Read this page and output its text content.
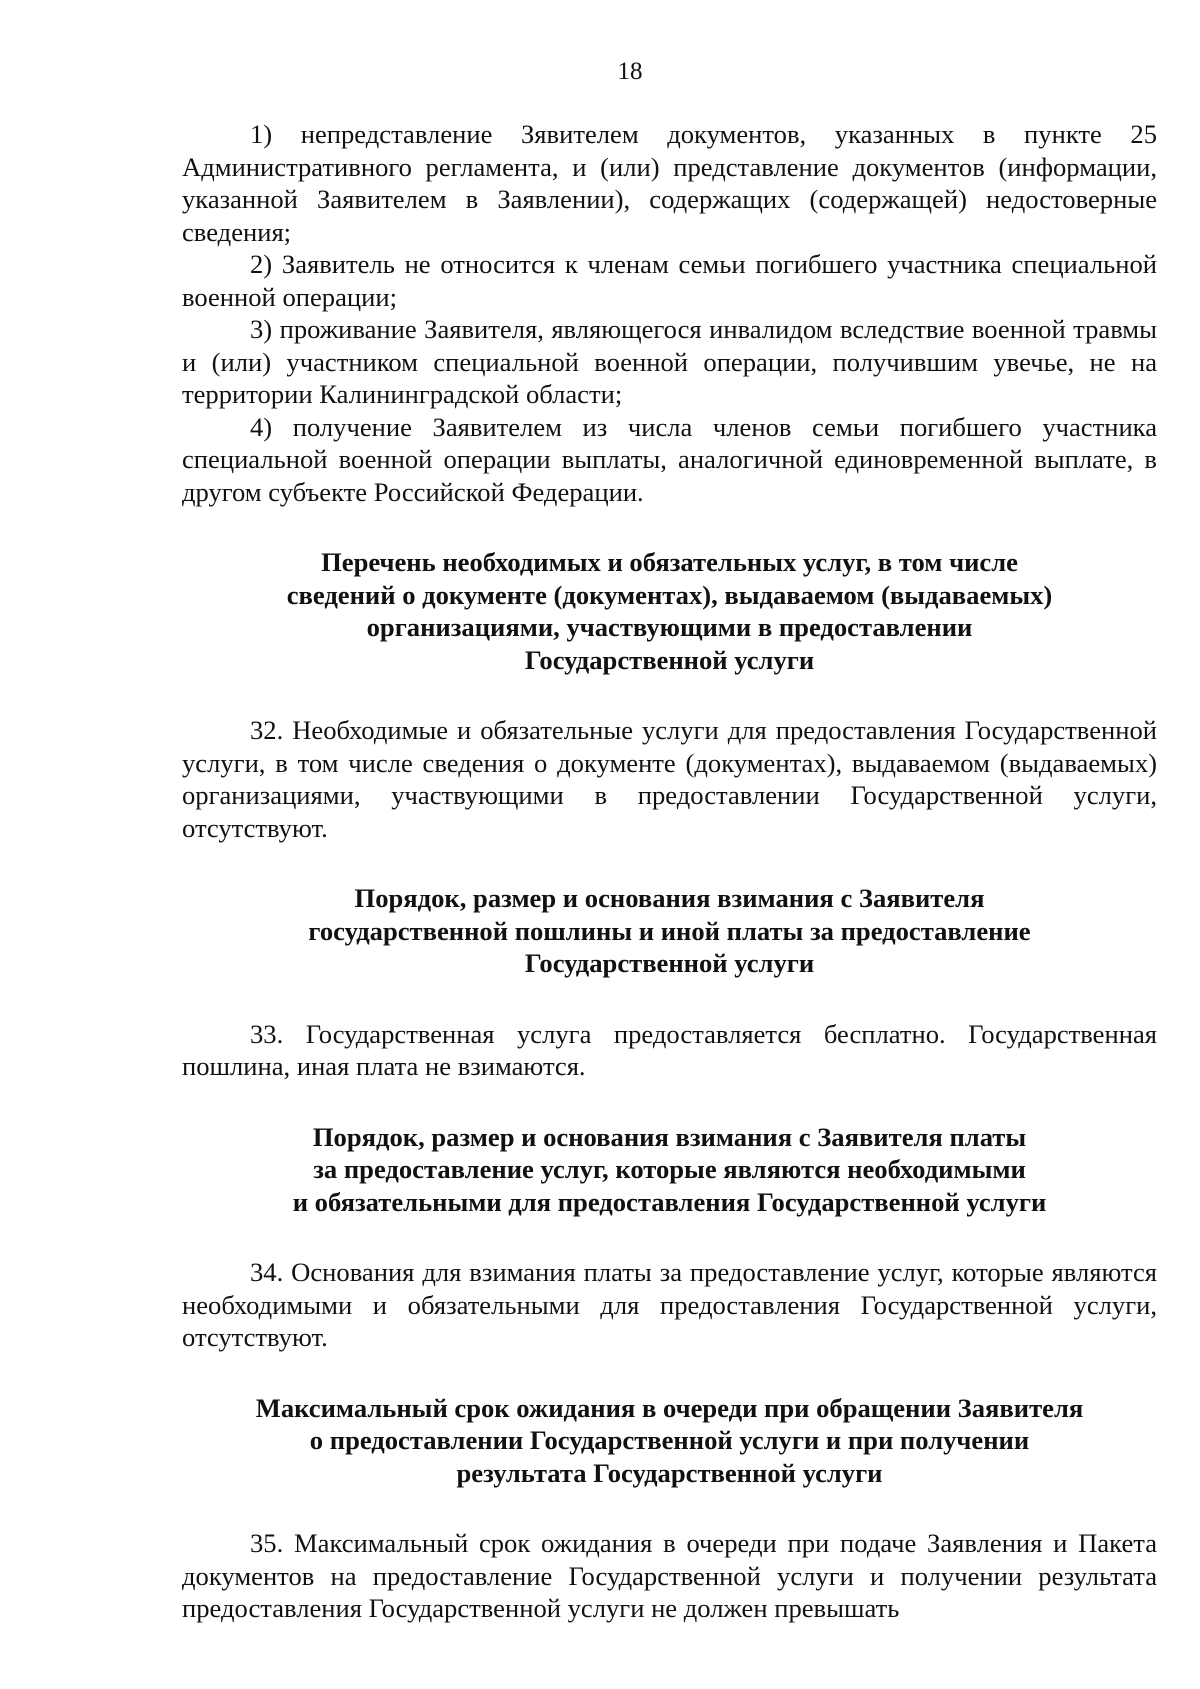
18

1) непредставление Зявителем документов, указанных в пункте 25 Административного регламента, и (или) представление документов (информации, указанной Заявителем в Заявлении), содержащих (содержащей) недостоверные сведения;

2) Заявитель не относится к членам семьи погибшего участника специальной военной операции;

3) проживание Заявителя, являющегося инвалидом вследствие военной травмы и (или) участником специальной военной операции, получившим увечье, не на территории Калининградской области;

4) получение Заявителем из числа членов семьи погибшего участника специальной военной операции выплаты, аналогичной единовременной выплате, в другом субъекте Российской Федерации.

Перечень необходимых и обязательных услуг, в том числе
сведений о документе (документах), выдаваемом (выдаваемых)
организациями, участвующими в предоставлении
Государственной услуги

32. Необходимые и обязательные услуги для предоставления Государственной услуги, в том числе сведения о документе (документах), выдаваемом (выдаваемых) организациями, участвующими в предоставлении Государственной услуги, отсутствуют.

Порядок, размер и основания взимания с Заявителя
государственной пошлины и иной платы за предоставление
Государственной услуги

33. Государственная услуга предоставляется бесплатно. Государственная пошлина, иная плата не взимаются.

Порядок, размер и основания взимания с Заявителя платы
за предоставление услуг, которые являются необходимыми
и обязательными для предоставления Государственной услуги

34. Основания для взимания платы за предоставление услуг, которые являются необходимыми и обязательными для предоставления Государственной услуги, отсутствуют.

Максимальный срок ожидания в очереди при обращении Заявителя
о предоставлении Государственной услуги и при получении
результата Государственной услуги

35. Максимальный срок ожидания в очереди при подаче Заявления и Пакета документов на предоставление Государственной услуги и получении результата предоставления Государственной услуги не должен превышать
